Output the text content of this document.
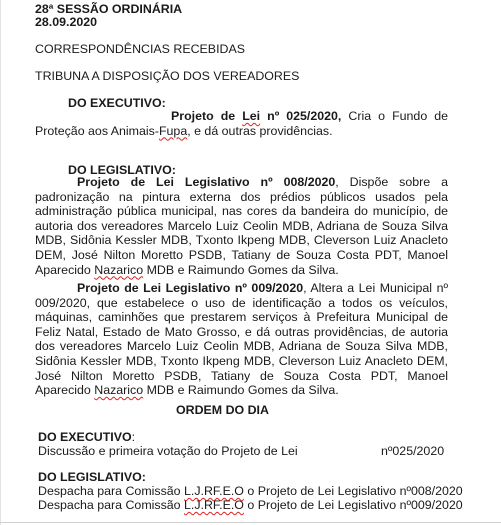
28ª SESSÃO ORDINÁRIA
28.09.2020
CORRESPONDÊNCIAS RECEBIDAS
TRIBUNA A DISPOSIÇÃO DOS VEREADORES
DO EXECUTIVO:
Projeto de Lei nº 025/2020, Cria o Fundo de Proteção aos Animais-Fupa, e dá outras providências.
DO LEGISLATIVO:
Projeto de Lei Legislativo nº 008/2020, Dispõe sobre a padronização na pintura externa dos prédios públicos usados pela administração pública municipal, nas cores da bandeira do município, de autoria dos vereadores Marcelo Luiz Ceolin MDB, Adriana de Souza Silva MDB, Sidônia Kessler MDB, Txonto Ikpeng MDB, Cleverson Luiz Anacleto DEM, José Nilton Moretto PSDB, Tatiany de Souza Costa PDT, Manoel Aparecido Nazarico MDB e Raimundo Gomes da Silva.
Projeto de Lei Legislativo nº 009/2020, Altera a Lei Municipal nº 009/2020, que estabelece o uso de identificação a todos os veículos, máquinas, caminhões que prestarem serviços à Prefeitura Municipal de Feliz Natal, Estado de Mato Grosso, e dá outras providências, de autoria dos vereadores Marcelo Luiz Ceolin MDB, Adriana de Souza Silva MDB, Sidônia Kessler MDB, Txonto Ikpeng MDB, Cleverson Luiz Anacleto DEM, José Nilton Moretto PSDB, Tatiany de Souza Costa PDT, Manoel Aparecido Nazarico MDB e Raimundo Gomes da Silva.
ORDEM DO DIA
DO EXECUTIVO:
Discussão e primeira votação do Projeto de Lei	nº025/2020
DO LEGISLATIVO:
Despacha para Comissão L.J.RF.E.O o Projeto de Lei Legislativo nº008/2020
Despacha para Comissão L.J.RF.E.O o Projeto de Lei Legislativo nº009/2020
